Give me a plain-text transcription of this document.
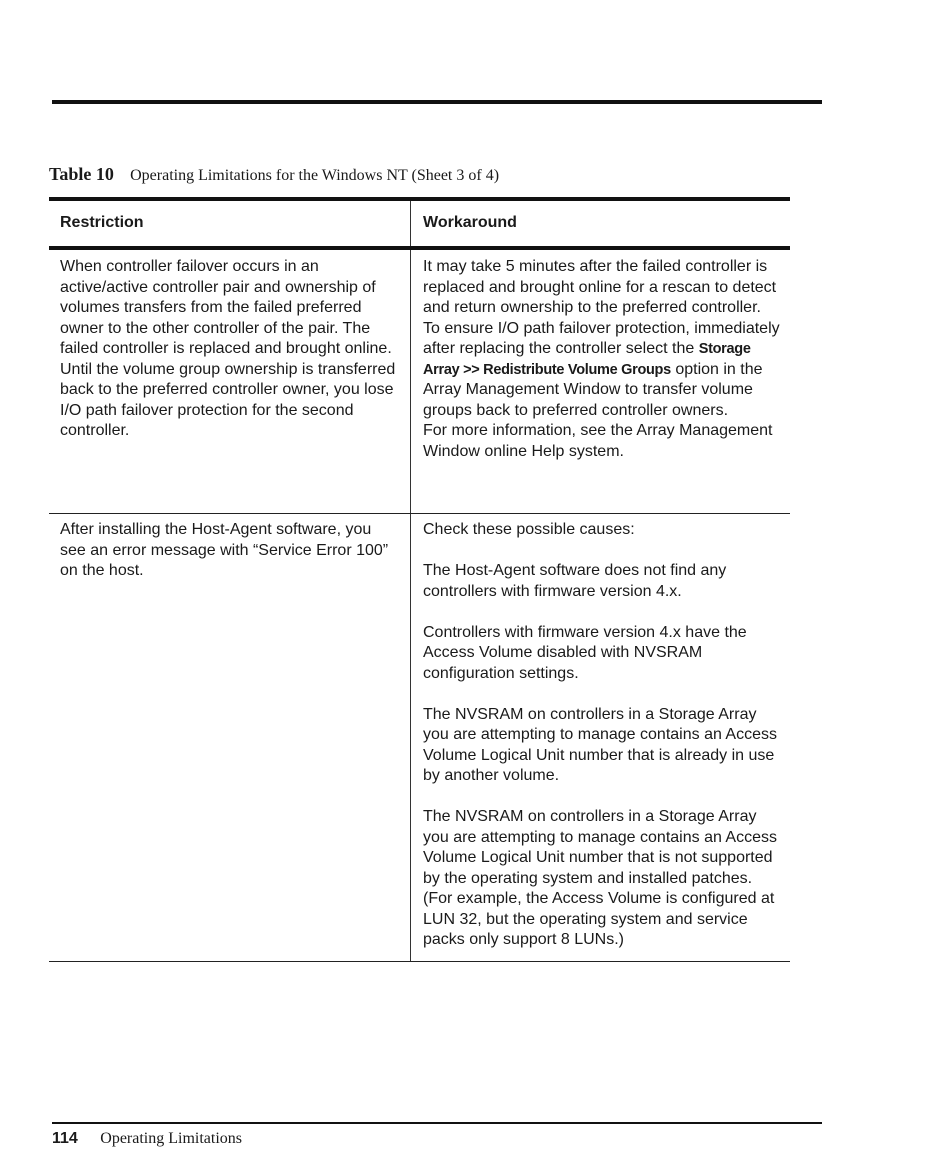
Table 10 Operating Limitations for the Windows NT (Sheet 3 of 4)
Restriction	Workaround
When controller failover occurs in an active/active controller pair and ownership of volumes transfers from the failed preferred owner to the other controller of the pair. The failed controller is replaced and brought online. Until the volume group ownership is transferred back to the preferred controller owner, you lose I/O path failover protection for the second controller.
It may take 5 minutes after the failed controller is replaced and brought online for a rescan to detect and return ownership to the preferred controller.
To ensure I/O path failover protection, immediately after replacing the controller select the Storage Array >> Redistribute Volume Groups option in the Array Management Window to transfer volume groups back to preferred controller owners.
For more information, see the Array Management Window online Help system.
After installing the Host-Agent software, you see an error message with “Service Error 100” on the host.

Check these possible causes:

The Host-Agent software does not find any controllers with firmware version 4.x.

Controllers with firmware version 4.x have the Access Volume disabled with NVSRAM configuration settings.

The NVSRAM on controllers in a Storage Array you are attempting to manage contains an Access Volume Logical Unit number that is already in use by another volume.

The NVSRAM on controllers in a Storage Array you are attempting to manage contains an Access Volume Logical Unit number that is not supported by the operating system and installed patches. (For example, the Access Volume is configured at LUN 32, but the operating system and service packs only support 8 LUNs.)

114 Operating Limitations
